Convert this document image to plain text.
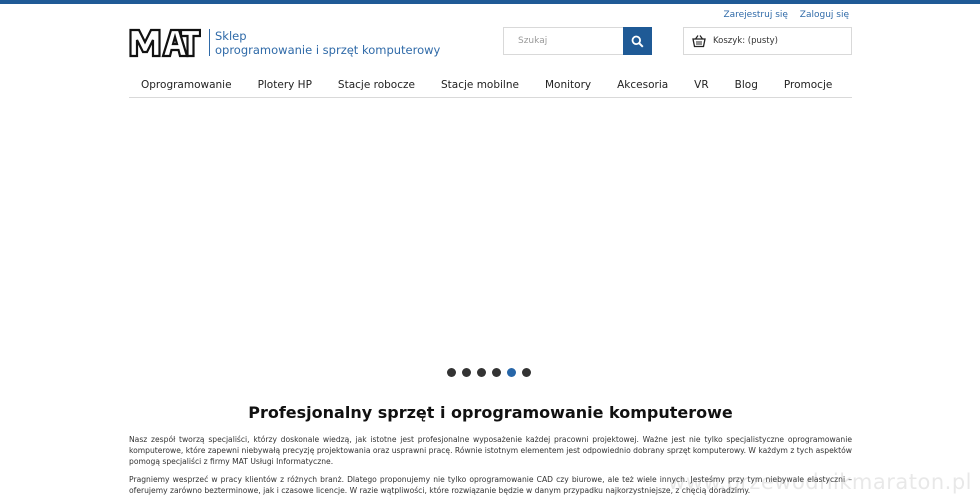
Zarejestruj się Zaloguj się
Sklep
oprogramowanie i sprzęt komputerowy
Szukaj
Koszyk: (pusty)
Oprogramowanie Plotery HP Stacje robocze Stacje mobilne Monitory Akcesoria VR Blog Promocje
Profesjonalny sprzęt i oprogramowanie komputerowe
Nasz zespół tworzą specjaliści, którzy doskonale wiedzą, jak istotne jest profesjonalne wyposażenie każdej pracowni projektowej. Ważne jest nie tylko specjalistyczne oprogramowanie komputerowe, które zapewni niebywałą precyzję projektowania oraz usprawni pracę. Równie istotnym elementem jest odpowiednio dobrany sprzęt komputerowy. W każdym z tych aspektów pomogą specjaliści z firmy MAT Usługi Informatyczne.
Pragniemy wesprzeć w pracy klientów z różnych branż. Dlatego proponujemy nie tylko oprogramowanie CAD czy biurowe, ale też wiele innych. Jesteśmy przy tym niebywale elastyczni – oferujemy zarówno bezterminowe, jak i czasowe licencje. W razie wątpliwości, które rozwiązanie będzie w danym przypadku najkorzystniejsze, z chęcią doradzimy.
www.przewodnikmaraton.pl
